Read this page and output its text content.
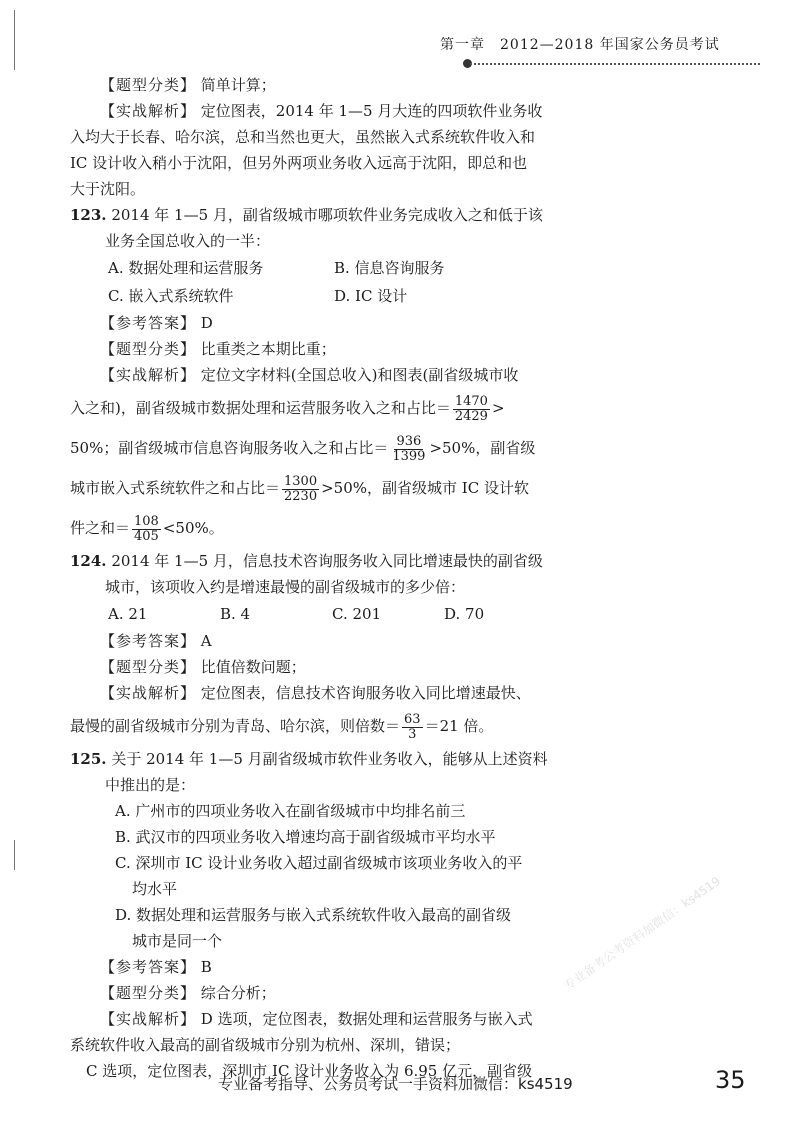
第一章　2012—2018 年国家公务员考试
【题型分类】 简单计算；
【实战解析】 定位图表，2014 年 1—5 月大连的四项软件业务收
入均大于长春、哈尔滨，总和当然也更大，虽然嵌入式系统软件收入和
IC 设计收入稍小于沈阳，但另外两项业务收入远高于沈阳，即总和也
大于沈阳。
123. 2014 年 1—5 月，副省级城市哪项软件业务完成收入之和低于该
业务全国总收入的一半：
A. 数据处理和运营服务	B. 信息咨询服务
C. 嵌入式系统软件	D. IC 设计
【参考答案】 D
【题型分类】 比重类之本期比重；
【实战解析】 定位文字材料(全国总收入)和图表(副省级城市收
入之和)，副省级城市数据处理和运营服务收入之和占比＝ $\frac{1470}{2429}$ >
50%；副省级城市信息咨询服务收入之和占比＝ $\frac{936}{1399} >50\%$，副省级
城市嵌入式系统软件之和占比＝ $\frac{1300}{2230} >50\%$，副省级城市 IC 设计软
件之和＝ $\frac{108}{405} <50\%$。
124. 2014 年 1—5 月，信息技术咨询服务收入同比增速最快的副省级
城市，该项收入约是增速最慢的副省级城市的多少倍：
A. 21	B. 4	C. 201	D. 70
【参考答案】 A
【题型分类】 比值倍数问题；
【实战解析】 定位图表，信息技术咨询服务收入同比增速最快、
最慢的副省级城市分别为青岛、哈尔滨，则倍数＝ $\frac{63}{3} =21$ 倍。
125. 关于 2014 年 1—5 月副省级城市软件业务收入，能够从上述资料
中推出的是：
A. 广州市的四项业务收入在副省级城市中均排名前三
B. 武汉市的四项业务收入增速均高于副省级城市平均水平
C. 深圳市 IC 设计业务收入超过副省级城市该项业务收入的平
均水平
D. 数据处理和运营服务与嵌入式系统软件收入最高的副省级
城市是同一个
【参考答案】 B
【题型分类】 综合分析；
【实战解析】 D 选项，定位图表，数据处理和运营服务与嵌入式
系统软件收入最高的副省级城市分别为杭州、深圳，错误；
C 选项，定位图表，深圳市 IC 设计业务收入为 6.95 亿元，副省级
专业备考公考资料加微信：ks4519
专业备考指导、公务员考试一手资料加微信：ks4519	35
